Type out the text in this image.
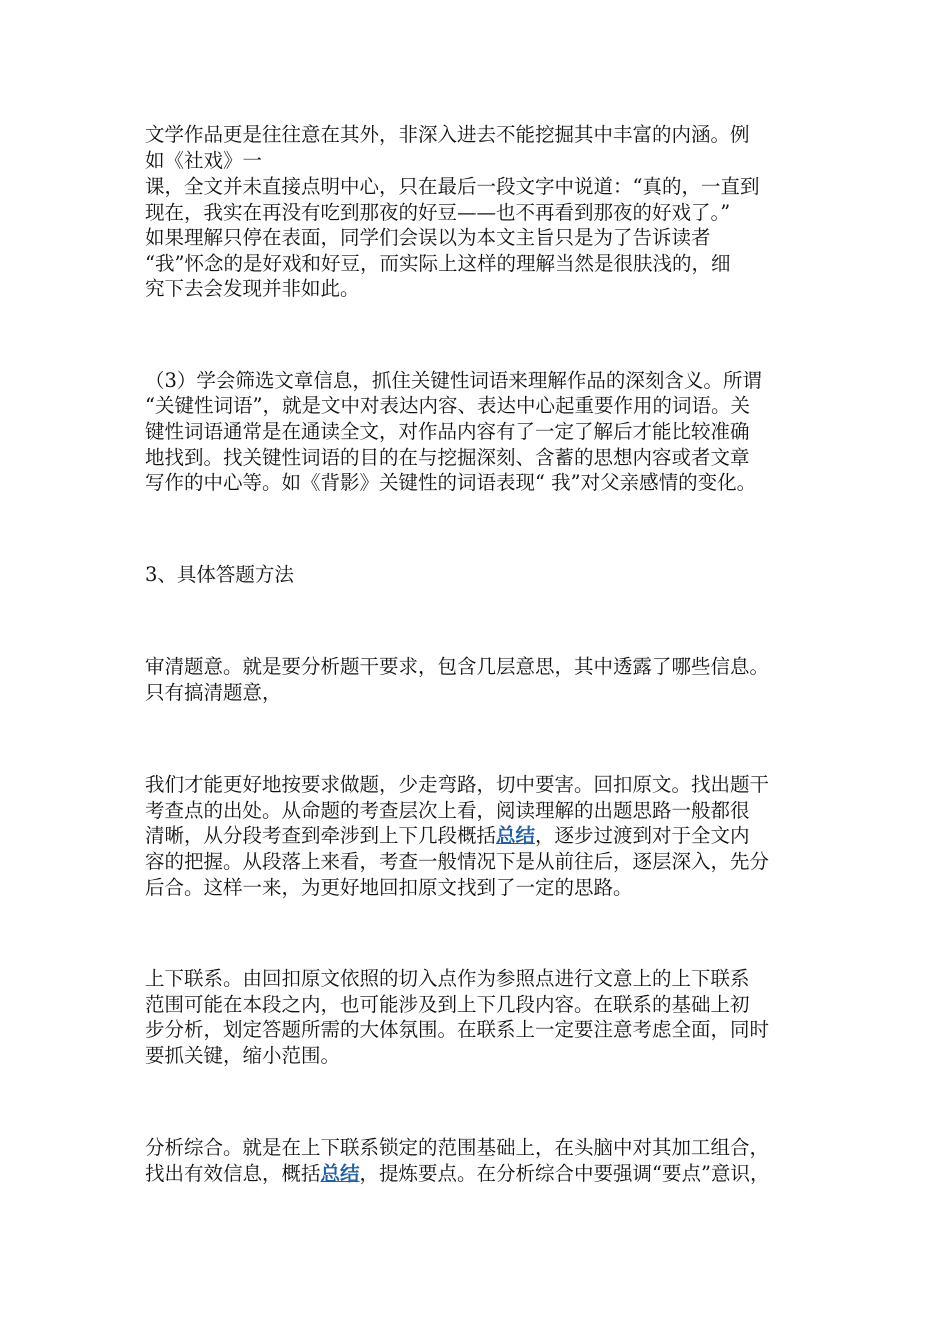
文学作品更是往往意在其外，非深入进去不能挖掘其中丰富的内涵。例

如《社戏》一

课，全文并未直接点明中心，只在最后一段文字中说道：“真的，一直到

现在，我实在再没有吃到那夜的好豆——也不再看到那夜的好戏了。”

如果理解只停在表面，同学们会误以为本文主旨只是为了告诉读者

“我”怀念的是好戏和好豆，而实际上这样的理解当然是很肤浅的，细

究下去会发现并非如此。

（3）学会筛选文章信息，抓住关键性词语来理解作品的深刻含义。所谓

“关键性词语”，就是文中对表达内容、表达中心起重要作用的词语。关

键性词语通常是在通读全文，对作品内容有了一定了解后才能比较准确

地找到。找关键性词语的目的在与挖掘深刻、含蓄的思想内容或者文章

写作的中心等。如《背影》关键性的词语表现“ 我”对父亲感情的变化。

3、具体答题方法

审清题意。就是要分析题干要求，包含几层意思，其中透露了哪些信息。

只有搞清题意，

我们才能更好地按要求做题，少走弯路，切中要害。回扣原文。找出题干

考查点的出处。从命题的考查层次上看，阅读理解的出题思路一般都很

清晰，从分段考查到牵涉到上下几段概括总结，逐步过渡到对于全文内

容的把握。从段落上来看，考查一般情况下是从前往后，逐层深入，先分

后合。这样一来，为更好地回扣原文找到了一定的思路。

上下联系。由回扣原文依照的切入点作为参照点进行文意上的上下联系

范围可能在本段之内，也可能涉及到上下几段内容。在联系的基础上初

步分析，划定答题所需的大体氛围。在联系上一定要注意考虑全面，同时

要抓关键，缩小范围。

分析综合。就是在上下联系锁定的范围基础上，在头脑中对其加工组合，

找出有效信息，概括总结，提炼要点。在分析综合中要强调“要点”意识，
